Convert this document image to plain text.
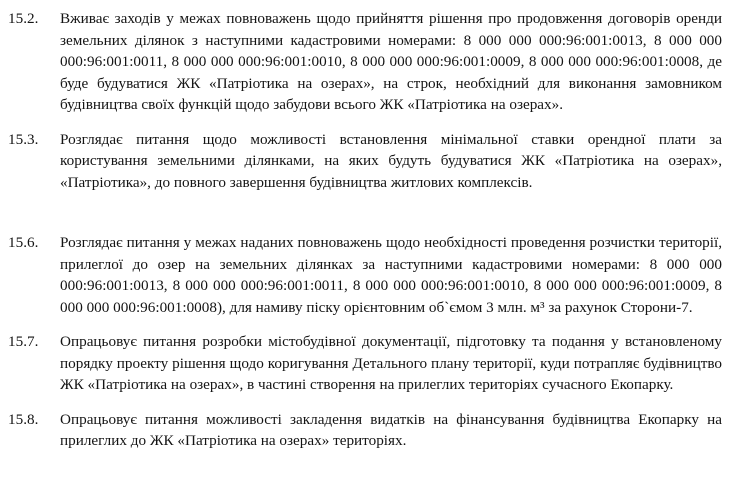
15.2.	Вживає заходів у межах повноважень щодо прийняття рішення про продовження договорів оренди земельних ділянок з наступними кадастровими номерами: 8 000 000 000:96:001:0013, 8 000 000 000:96:001:0011, 8 000 000 000:96:001:0010, 8 000 000 000:96:001:0009, 8 000 000 000:96:001:0008, де буде будуватися ЖК «Патріотика на озерах», на строк, необхідний для виконання замовником будівництва своїх функцій щодо забудови всього ЖК «Патріотика на озерах».
15.3.	Розглядає питання щодо можливості встановлення мінімальної ставки орендної плати за користування земельними ділянками, на яких будуть будуватися ЖК «Патріотика на озерах», «Патріотика», до повного завершення будівництва житлових комплексів.
15.6.	Розглядає питання у межах наданих повноважень щодо необхідності проведення розчистки території, прилеглої до озер на земельних ділянках за наступними кадастровими номерами: 8 000 000 000:96:001:0013, 8 000 000 000:96:001:0011, 8 000 000 000:96:001:0010, 8 000 000 000:96:001:0009, 8 000 000 000:96:001:0008), для намиву піску орієнтовним об`ємом 3 млн. м³ за рахунок Сторони-7.
15.7.	Опрацьовує питання розробки містобудівної документації, підготовку та подання у встановленому порядку проекту рішення щодо коригування Детального плану території, куди потрапляє будівництво ЖК «Патріотика на озерах», в частині створення на прилеглих територіях сучасного Екопарку.
15.8.	Опрацьовує питання можливості закладення видатків на фінансування будівництва Екопарку на прилеглих до ЖК «Патріотика на озерах» територіях.
